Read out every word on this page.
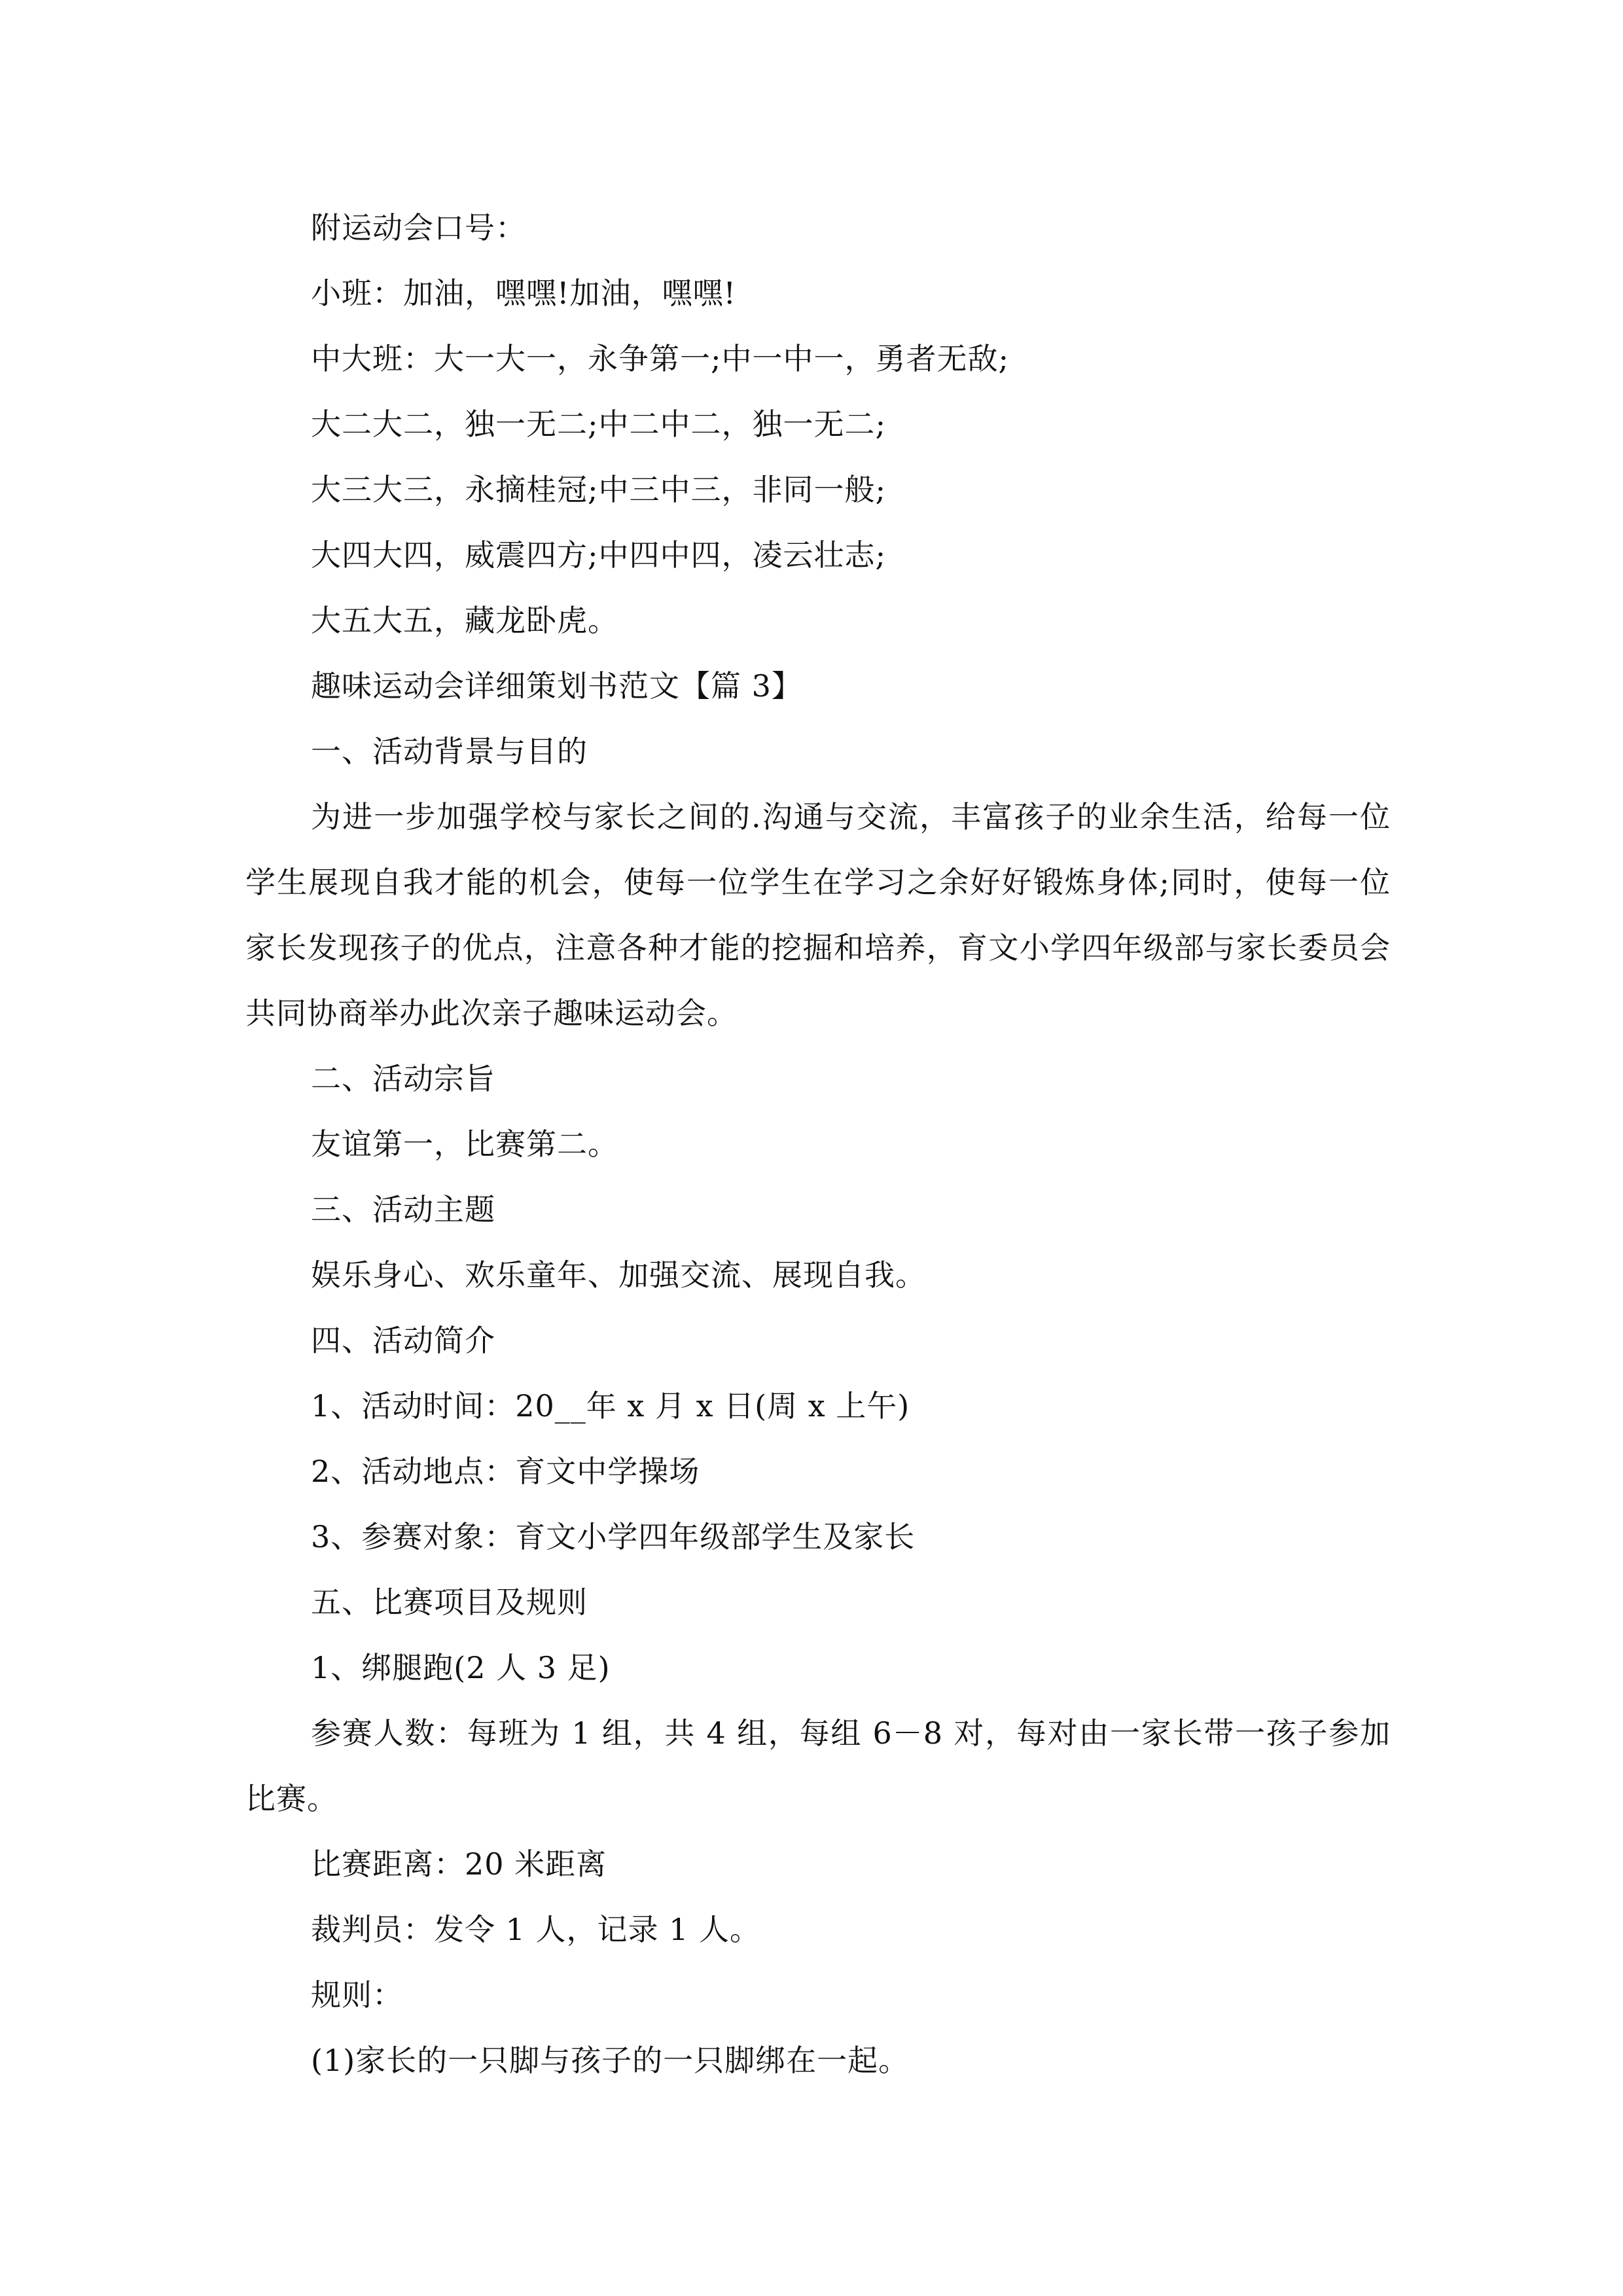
附运动会口号：
小班：加油，嘿嘿!加油，嘿嘿!
中大班：大一大一，永争第一;中一中一，勇者无敌;
大二大二，独一无二;中二中二，独一无二;
大三大三，永摘桂冠;中三中三，非同一般;
大四大四，威震四方;中四中四，凌云壮志;
大五大五，藏龙卧虎。
趣味运动会详细策划书范文【篇 3】
一、活动背景与目的
为进一步加强学校与家长之间的.沟通与交流，丰富孩子的业余生活，给每一位学生展现自我才能的机会，使每一位学生在学习之余好好锻炼身体;同时，使每一位家长发现孩子的优点，注意各种才能的挖掘和培养，育文小学四年级部与家长委员会共同协商举办此次亲子趣味运动会。
二、活动宗旨
友谊第一，比赛第二。
三、活动主题
娱乐身心、欢乐童年、加强交流、展现自我。
四、活动简介
1、活动时间：20__年 x 月 x 日(周 x 上午)
2、活动地点：育文中学操场
3、参赛对象：育文小学四年级部学生及家长
五、比赛项目及规则
1、绑腿跑(2 人 3 足)
参赛人数：每班为 1 组，共 4 组，每组 6－8 对，每对由一家长带一孩子参加比赛。
比赛距离：20 米距离
裁判员：发令 1 人，记录 1 人。
规则：
(1)家长的一只脚与孩子的一只脚绑在一起。
